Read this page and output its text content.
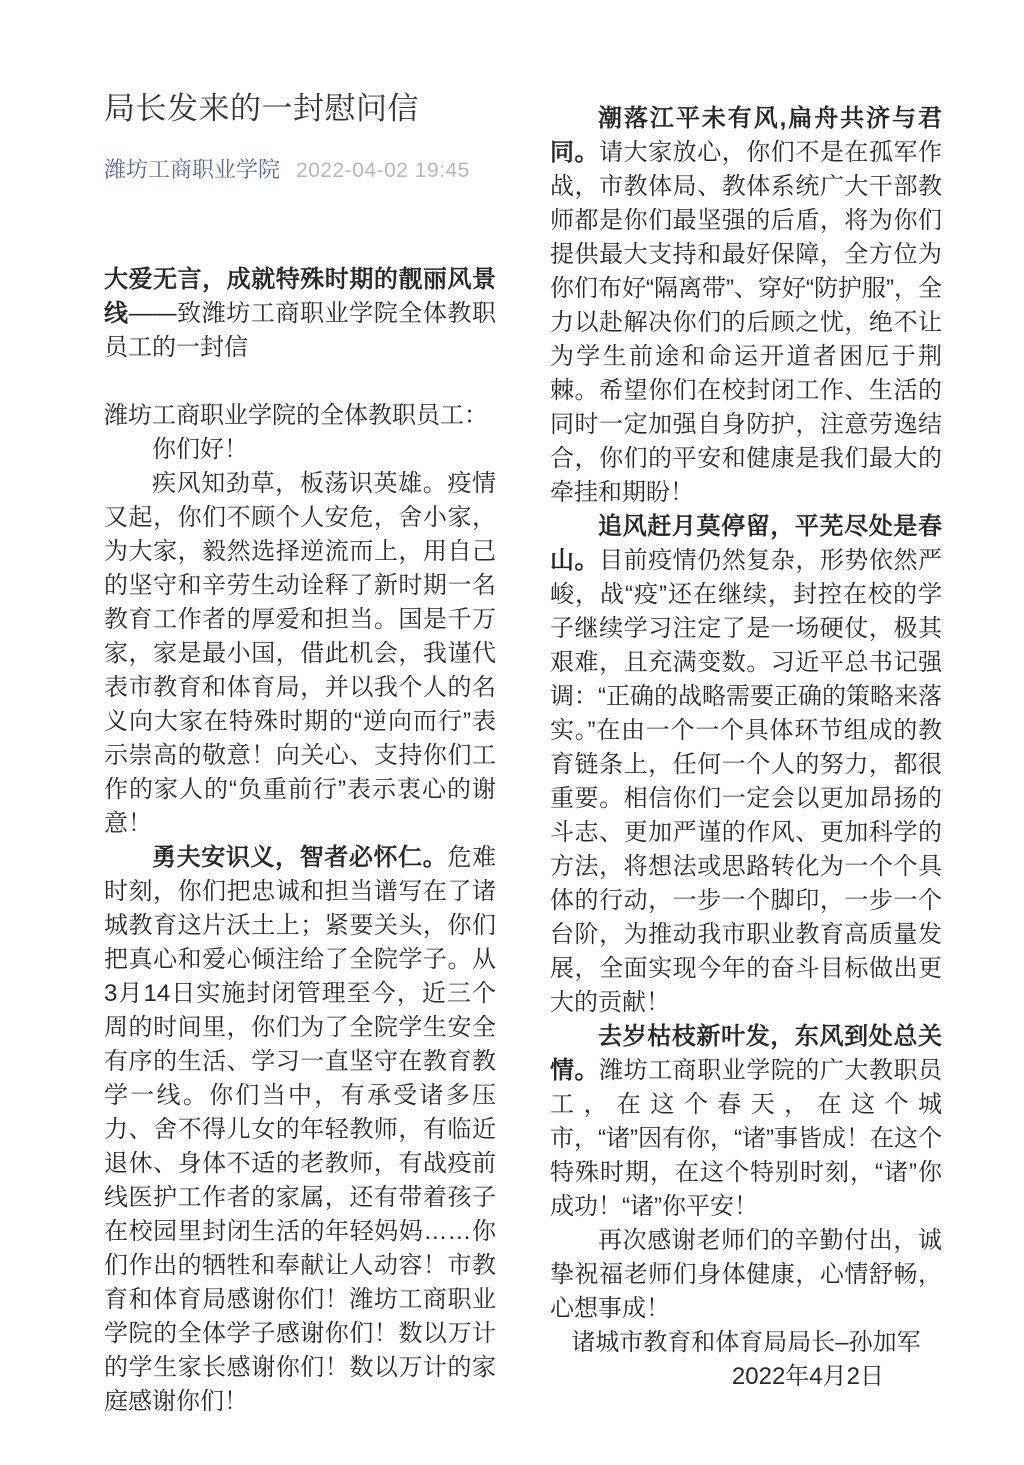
局长发来的一封慰问信
潍坊工商职业学院 2022-04-02 19:45

大爱无言，成就特殊时期的靓丽风景线——致潍坊工商职业学院全体教职员工的一封信

潍坊工商职业学院的全体教职员工：

你们好！

疾风知劲草，板荡识英雄。疫情又起，你们不顾个人安危，舍小家，为大家，毅然选择逆流而上，用自己的坚守和辛劳生动诠释了新时期一名教育工作者的厚爱和担当。国是千万家，家是最小国，借此机会，我谨代表市教育和体育局，并以我个人的名义向大家在特殊时期的“逆向而行”表示崇高的敬意！向关心、支持你们工作的家人的“负重前行”表示衷心的谢意！

勇夫安识义，智者必怀仁。危难时刻，你们把忠诚和担当谱写在了诸城教育这片沃土上；紧要关头，你们把真心和爱心倾注给了全院学子。从3月14日实施封闭管理至今，近三个周的时间里，你们为了全院学生安全有序的生活、学习一直坚守在教育教学一线。你们当中，有承受诸多压力、舍不得儿女的年轻教师，有临近退休、身体不适的老教师，有战疫前线医护工作者的家属，还有带着孩子在校园里封闭生活的年轻妈妈……你们作出的牺牲和奉献让人动容！市教育和体育局感谢你们！潍坊工商职业学院的全体学子感谢你们！数以万计的学生家长感谢你们！数以万计的家庭感谢你们！

潮落江平未有风,扁舟共济与君同。请大家放心，你们不是在孤军作战，市教体局、教体系统广大干部教师都是你们最坚强的后盾，将为你们提供最大支持和最好保障，全方位为你们布好“隔离带”、穿好“防护服”，全力以赴解决你们的后顾之忧，绝不让为学生前途和命运开道者困厄于荆棘。希望你们在校封闭工作、生活的同时一定加强自身防护，注意劳逸结合，你们的平安和健康是我们最大的牵挂和期盼！

追风赶月莫停留，平芜尽处是春山。目前疫情仍然复杂，形势依然严峻，战“疫”还在继续，封控在校的学子继续学习注定了是一场硬仗，极其艰难，且充满变数。习近平总书记强调：“正确的战略需要正确的策略来落实。”在由一个一个具体环节组成的教育链条上，任何一个人的努力，都很重要。相信你们一定会以更加昂扬的斗志、更加严谨的作风、更加科学的方法，将想法或思路转化为一个个具体的行动，一步一个脚印，一步一个台阶，为推动我市职业教育高质量发展，全面实现今年的奋斗目标做出更大的贡献！

去岁枯枝新叶发，东风到处总关情。潍坊工商职业学院的广大教职员工，在这个春天，在这个城市，“诸”因有你，“诸”事皆成！在这个特殊时期，在这个特别时刻，“诸”你成功！“诸”你平安！

再次感谢老师们的辛勤付出，诚挚祝福老师们身体健康，心情舒畅，心想事成！

诸城市教育和体育局局长–孙加军

2022年4月2日
